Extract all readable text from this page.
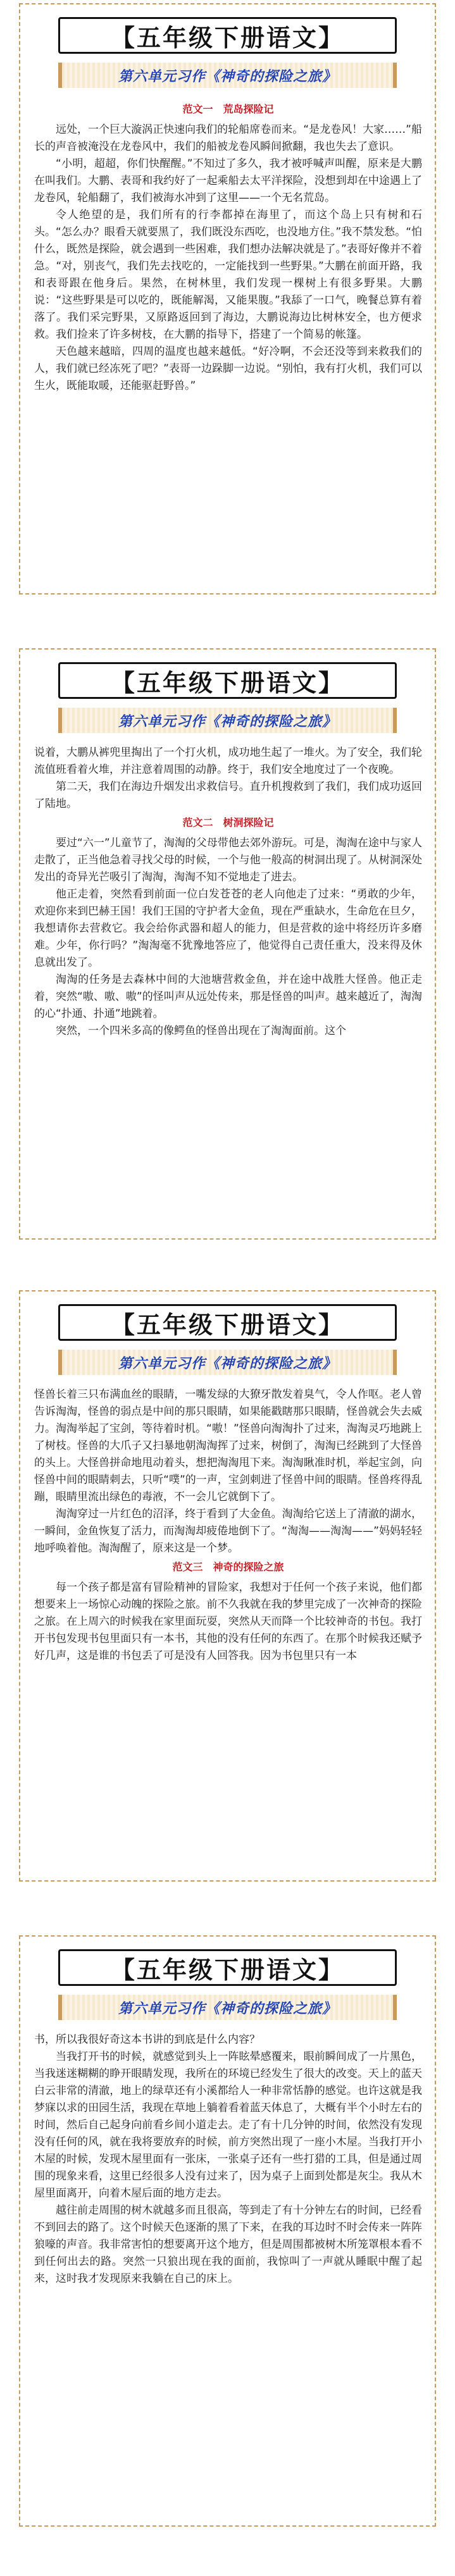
【五年级下册语文】
第六单元习作《神奇的探险之旅》
范文一　荒岛探险记

远处，一个巨大漩涡正快速向我们的轮船席卷而来。“是龙卷风！大家……”船长的声音被淹没在龙卷风中，我们的船被龙卷风瞬间掀翻，我也失去了意识。

“小明，超超，你们快醒醒。”不知过了多久，我才被呼喊声叫醒，原来是大鹏在叫我们。大鹏、表哥和我约好了一起乘船去太平洋探险，没想到却在中途遇上了龙卷风，轮船翻了，我们被海水冲到了这里——一个无名荒岛。

令人绝望的是，我们所有的行李都掉在海里了，而这个岛上只有树和石头。“怎么办？眼看天就要黑了，我们既没东西吃，也没地方住。”我不禁发愁。“怕什么，既然是探险，就会遇到一些困难，我们想办法解决就是了。”表哥好像并不着急。“对，别丧气，我们先去找吃的，一定能找到一些野果。”大鹏在前面开路，我和表哥跟在他身后。果然，在树林里，我们发现一棵树上有很多野果。大鹏说：“这些野果是可以吃的，既能解渴，又能果腹。”我舔了一口气，晚餐总算有着落了。我们采完野果，又原路返回到了海边，大鹏说海边比树林安全，也方便求救。我们捡来了许多树枝，在大鹏的指导下，搭建了一个简易的帐篷。

天色越来越暗，四周的温度也越来越低。“好冷啊，不会还没等到来救我们的人，我们就已经冻死了吧？”表哥一边跺脚一边说。“别怕，我有打火机，我们可以生火，既能取暖，还能驱赶野兽。”

【五年级下册语文】
第六单元习作《神奇的探险之旅》

说着，大鹏从裤兜里掏出了一个打火机，成功地生起了一堆火。为了安全，我们轮流值班看着火堆，并注意着周围的动静。终于，我们安全地度过了一个夜晚。

第二天，我们在海边升烟发出求救信号。直升机搜救到了我们，我们成功返回了陆地。

范文二　树洞探险记

要过“六一”儿童节了，淘淘的父母带他去郊外游玩。可是，淘淘在途中与家人走散了，正当他急着寻找父母的时候，一个与他一般高的树洞出现了。从树洞深处发出的奇异光芒吸引了淘淘，淘淘不知不觉地走了进去。

他正走着，突然看到前面一位白发苍苍的老人向他走了过来：“勇敢的少年，欢迎你来到巴赫王国！我们王国的守护者大金鱼，现在严重缺水，生命危在旦夕，我想请你去营救它。我会给你武器和超人的能力，但是营救的途中将经历许多磨难。少年，你行吗？”淘淘毫不犹豫地答应了，他觉得自己责任重大，没来得及休息就出发了。

淘淘的任务是去森林中间的大池塘营救金鱼，并在途中战胜大怪兽。他正走着，突然“嗷、嗷、嗷”的怪叫声从远处传来，那是怪兽的叫声。越来越近了，淘淘的心“扑通、扑通”地跳着。

突然，一个四米多高的像鳄鱼的怪兽出现在了淘淘面前。这个

【五年级下册语文】
第六单元习作《神奇的探险之旅》

怪兽长着三只布满血丝的眼睛，一嘴发绿的大獠牙散发着臭气，令人作呕。老人曾告诉淘淘，怪兽的弱点是中间的那只眼睛，如果能戳瞎那只眼睛，怪兽就会失去威力。淘淘举起了宝剑，等待着时机。“嗷！”怪兽向淘淘扑了过来，淘淘灵巧地跳上了树枝。怪兽的大爪子又扫暴地朝淘淘挥了过来，树倒了，淘淘已经跳到了大怪兽的头上。大怪兽拼命地甩动着头，想把淘淘甩下来。淘淘瞅准时机，举起宝剑，向怪兽中间的眼睛刺去，只听“噗”的一声，宝剑刺进了怪兽中间的眼睛。怪兽疼得乱蹦，眼睛里流出绿色的毒液，不一会儿它就倒下了。

淘淘穿过一片红色的沼泽，终于看到了大金鱼。淘淘给它送上了清澈的湖水，一瞬间，金鱼恢复了活力，而淘淘却疲倦地倒下了。“淘淘——淘淘——”妈妈轻轻地呼唤着他。淘淘醒了，原来这是一个梦。

范文三　神奇的探险之旅

每一个孩子都是富有冒险精神的冒险家，我想对于任何一个孩子来说，他们都想要来上一场惊心动魄的探险之旅。前不久我就在我的梦里完成了一次神奇的探险之旅。在上周六的时候我在家里面玩耍，突然从天而降一个比较神奇的书包。我打开书包发现书包里面只有一本书，其他的没有任何的东西了。在那个时候我还赋予好几声，这是谁的书包丢了可是没有人回答我。因为书包里只有一本

【五年级下册语文】
第六单元习作《神奇的探险之旅》

书，所以我很好奇这本书讲的到底是什么内容？

当我打开书的时候，就感觉到头上一阵眩晕感覆来，眼前瞬间成了一片黑色，当我迷迷糊糊的睁开眼睛发现，我所在的环境已经发生了很大的改变。天上的蓝天白云非常的清澈，地上的绿草还有小溪都给人一种非常恬静的感觉。也许这就是我梦寐以求的田园生活，我现在草地上躺着看着蓝天体息了，大概有半个小时左右的时间，然后自己起身向前看乡间小道走去。走了有十几分钟的时间，依然没有发现没有任何的风，就在我将要放弃的时候，前方突然出现了一座小木屋。当我打开小木屋的时候，发现木屋里面有一张床，一张桌子还有一些打猎的工具，但是通过周围的现象来看，这里已经很多人没有过来了，因为桌子上面到处都是灰尘。我从木屋里面离开，向着木屋后面的地方走去。

越往前走周围的树木就越多而且很高，等到走了有十分钟左右的时间，已经看不到回去的路了。这个时候天色逐渐的黑了下来，在我的耳边时不时会传来一阵阵狼嚎的声音。我非常害怕的想要离开这个地方，但是周围都被树木所笼罩根本看不到任何出去的路。突然一只狼出现在我的面前，我惊叫了一声就从睡眠中醒了起来，这时我才发现原来我躺在自己的床上。
